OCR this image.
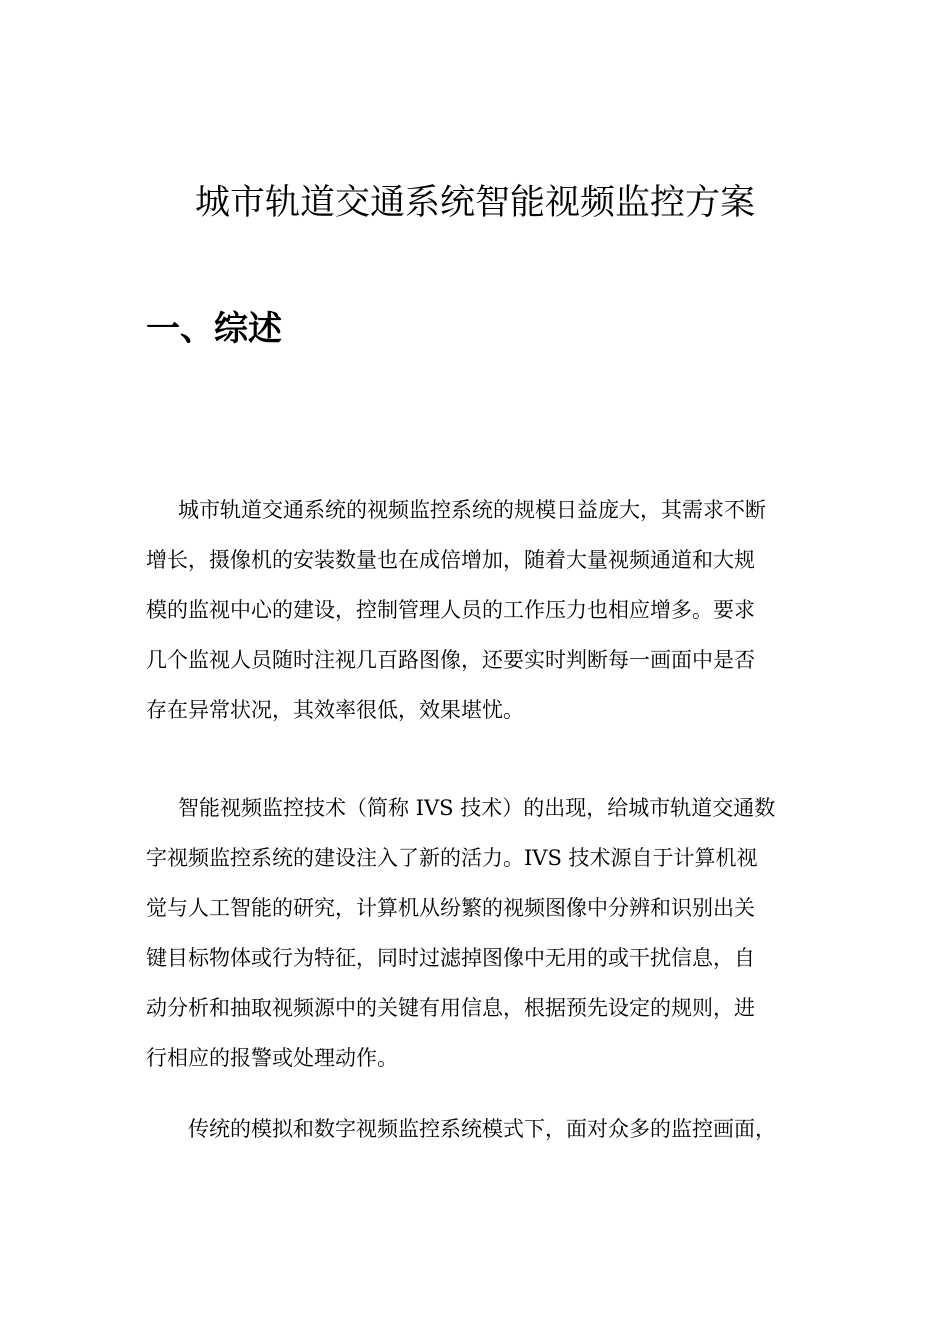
城市轨道交通系统智能视频监控方案
一、综述

城市轨道交通系统的视频监控系统的规模日益庞大，其需求不断
增长，摄像机的安装数量也在成倍增加，随着大量视频通道和大规
模的监视中心的建设，控制管理人员的工作压力也相应增多。要求
几个监视人员随时注视几百路图像，还要实时判断每一画面中是否
存在异常状况，其效率很低，效果堪忧。

智能视频监控技术（简称 IVS 技术）的出现，给城市轨道交通数
字视频监控系统的建设注入了新的活力。IVS 技术源自于计算机视
觉与人工智能的研究，计算机从纷繁的视频图像中分辨和识别出关
键目标物体或行为特征，同时过滤掉图像中无用的或干扰信息，自
动分析和抽取视频源中的关键有用信息，根据预先设定的规则，进
行相应的报警或处理动作。

传统的模拟和数字视频监控系统模式下，面对众多的监控画面，
